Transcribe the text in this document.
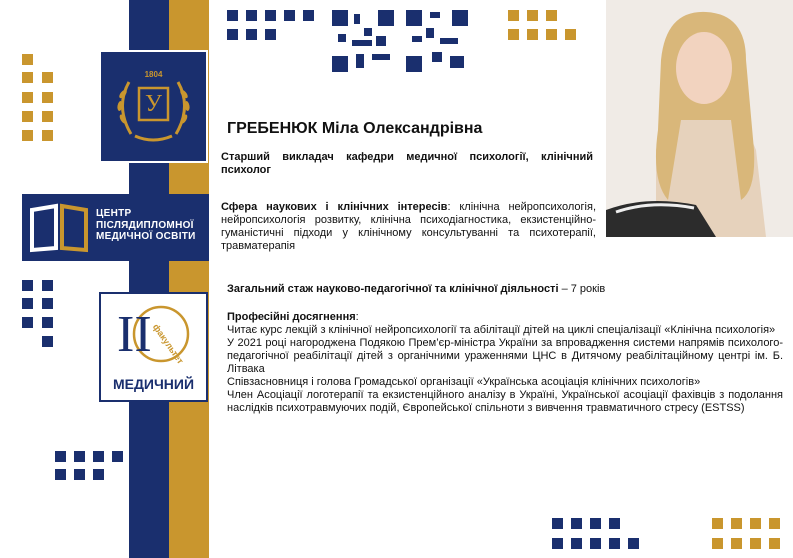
1804
У
ЦЕНТР
ПІСЛЯДИПЛОМНОЇ
МЕДИЧНОЇ ОСВІТИ
ІІ факультет
МЕДИЧНИЙ
ГРЕБЕНЮК Міла Олександрівна
Старший викладач кафедри медичної психології, клінічний психолог
Сфера наукових і клінічних інтересів: клінічна нейропсихологія, нейропсихологія розвитку, клінічна психодіагностика, екзистенційно-гуманістичні підходи у клінічному консультуванні та психотерапії, травматерапія
Загальний стаж науково-педагогічної та клінічної діяльності – 7 років
Професійні досягнення:
Читає курс лекцій з клінічної нейропсихології та абілітації дітей на циклі спеціалізації «Клінічна психологія»
У 2021 році нагороджена Подякою Прем’єр-міністра України за впровадження системи напрямів психолого-педагогічної реабілітації дітей з органічними ураженнями ЦНС в Дитячому реабілітаційному центрі ім. Б. Літвака
Співзасновниця і голова Громадської організації «Українська асоціація клінічних психологів»
Член Асоціації логотерапії та екзистенційного аналізу в Україні, Української асоціації фахівців з подолання наслідків психотравмуючих подій, Європейської спільноти з вивчення травматичного стресу (ESTSS)
